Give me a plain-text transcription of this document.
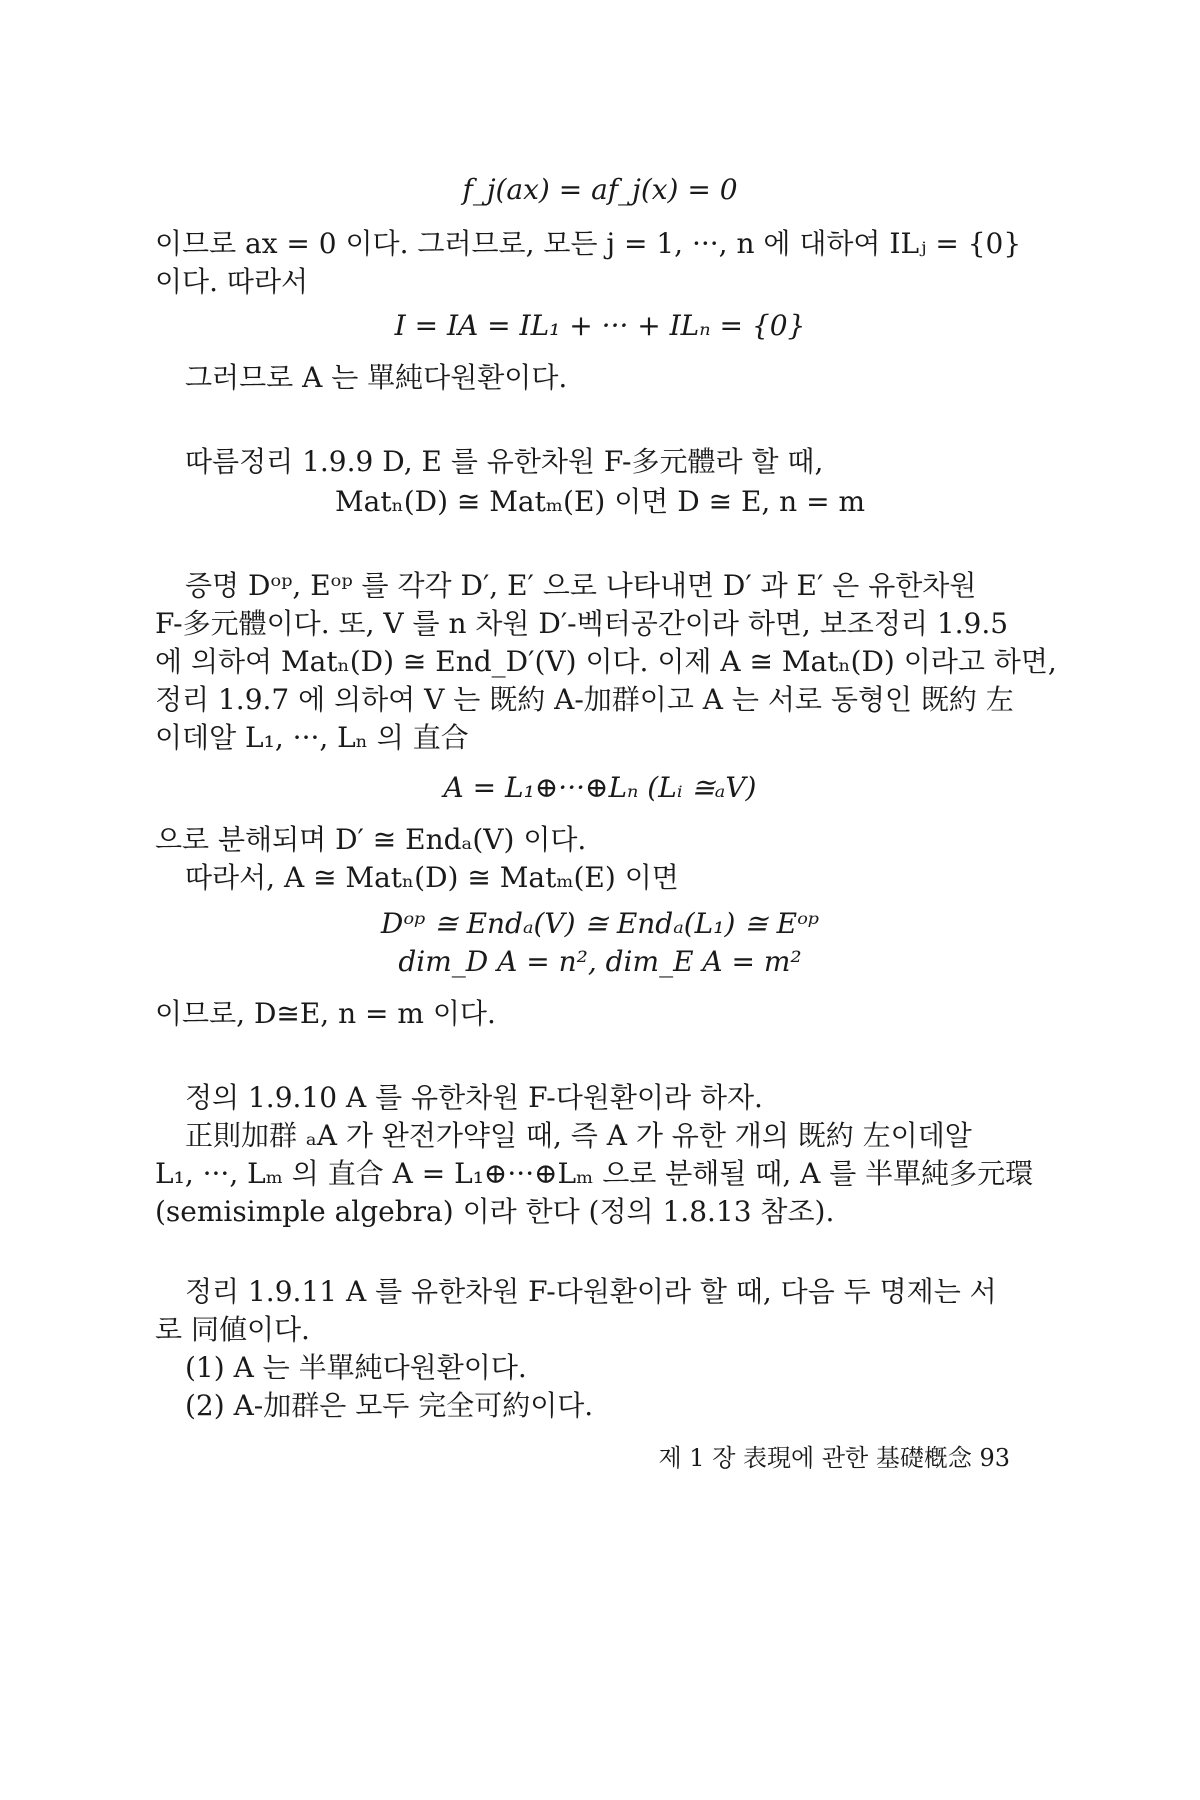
f_j(ax) = af_j(x) = 0
이므로 ax = 0 이다. 그러므로, 모든 j = 1, ···, n 에 대하여 ILⱼ = {0}
이다. 따라서
I = IA = IL₁ + ··· + ILₙ = {0}
그러므로 A 는 單純다원환이다.
따름정리 1.9.9 D, E 를 유한차원 F-多元體라 할 때,
Matₙ(D) ≅ Matₘ(E) 이면 D ≅ E, n = m
증명 Dᵒᵖ, Eᵒᵖ 를 각각 D′, E′ 으로 나타내면 D′ 과 E′ 은 유한차원
F-多元體이다. 또, V 를 n 차원 D′-벡터공간이라 하면, 보조정리 1.9.5
에 의하여 Matₙ(D) ≅ End_D′(V) 이다. 이제 A ≅ Matₙ(D) 이라고 하면,
정리 1.9.7 에 의하여 V 는 既約 A-加群이고 A 는 서로 동형인 既約 左
이데알 L₁, ···, Lₙ 의 直合
A = L₁⊕···⊕Lₙ (Lᵢ ≅ₐV)
으로 분해되며 D′ ≅ Endₐ(V) 이다.
따라서, A ≅ Matₙ(D) ≅ Matₘ(E) 이면
Dᵒᵖ ≅ Endₐ(V) ≅ Endₐ(L₁) ≅ Eᵒᵖ
dim_D A = n², dim_E A = m²
이므로, D≅E, n = m 이다.
정의 1.9.10 A 를 유한차원 F-다원환이라 하자.
正則加群 ₐA 가 완전가약일 때, 즉 A 가 유한 개의 既約 左이데알
L₁, ···, Lₘ 의 直合 A = L₁⊕···⊕Lₘ 으로 분해될 때, A 를 半單純多元環
(semisimple algebra) 이라 한다 (정의 1.8.13 참조).
정리 1.9.11 A 를 유한차원 F-다원환이라 할 때, 다음 두 명제는 서
로 同値이다.
(1) A 는 半單純다원환이다.
(2) A-加群은 모두 完全可約이다.
제 1 장 表現에 관한 基礎槪念 93
